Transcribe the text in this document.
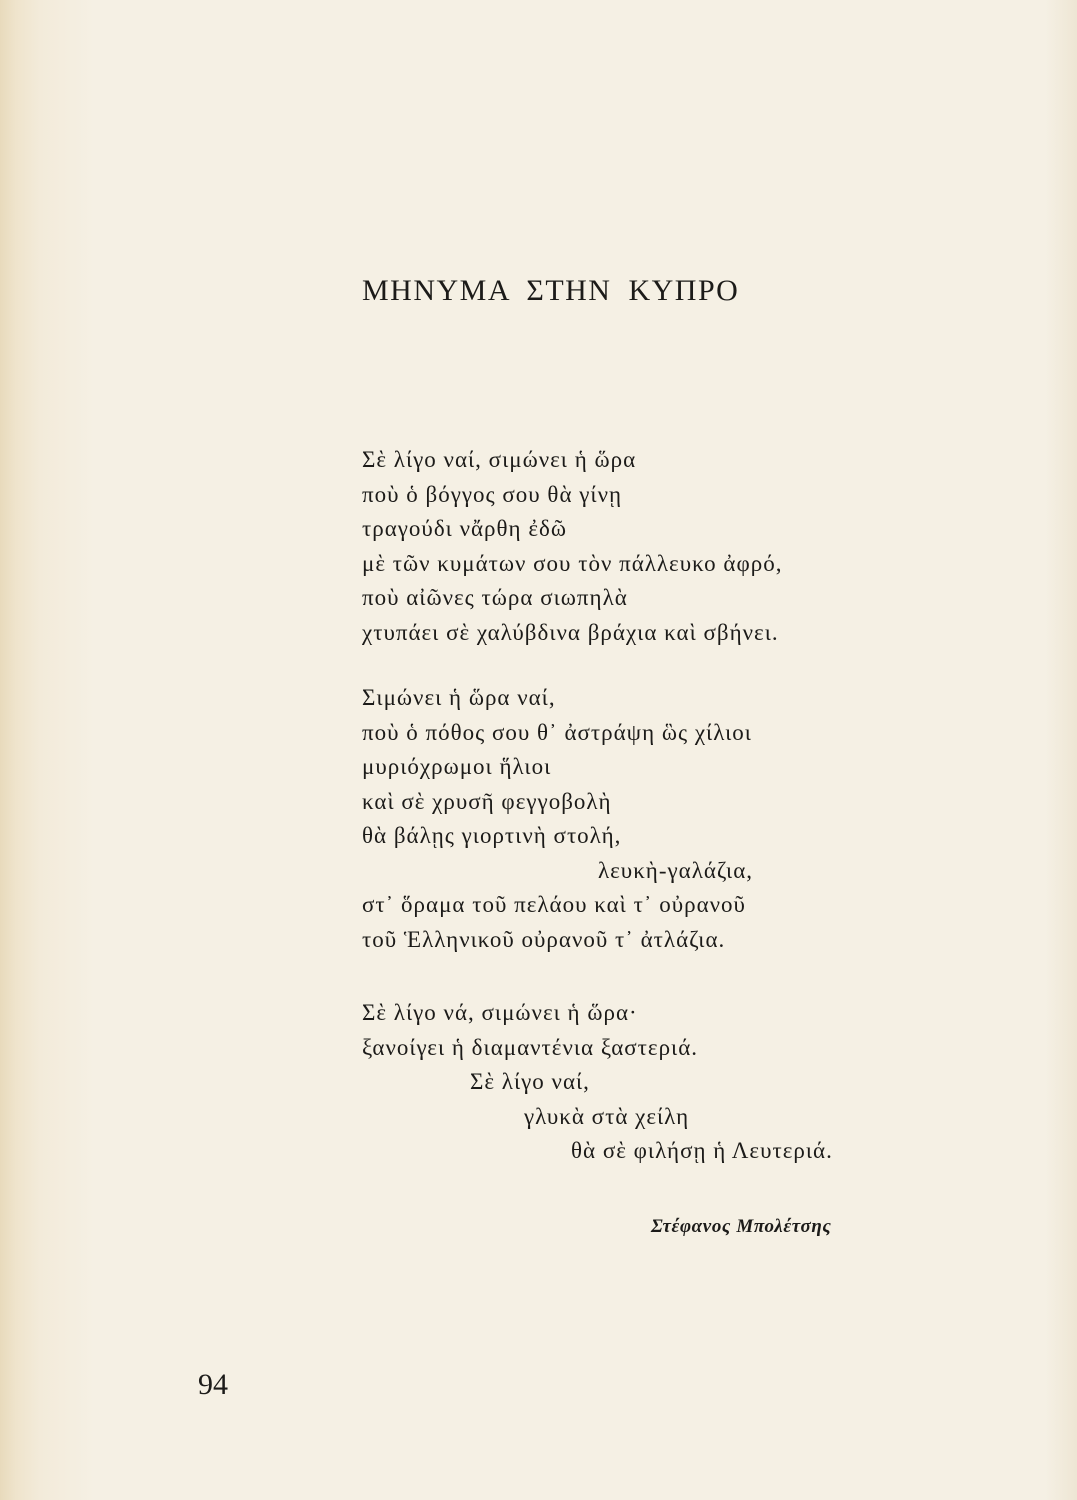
ΜΗΝΥΜΑ ΣΤΗΝ ΚΥΠΡΟ
Σὲ λίγο ναί, σιμώνει ἡ ὥρα
ποὺ ὁ βόγγος σου θὰ γίνῃ
τραγούδι νἄρθη ἐδῶ
μὲ τῶν κυμάτων σου τὸν πάλλευκο ἀφρό,
ποὺ αἰῶνες τώρα σιωπηλὰ
χτυπάει σὲ χαλύβδινα βράχια καὶ σβήνει.
Σιμώνει ἡ ὥρα ναί,
ποὺ ὁ πόθος σου θ᾽ ἀστράψη ὣς χίλιοι
μυριόχρωμοι ἥλιοι
καὶ σὲ χρυσῆ φεγγοβολὴ
θὰ βάλῃς γιορτινὴ στολή,
λευκὴ-γαλάζια,
στ᾽ ὅραμα τοῦ πελάου καὶ τ᾽ οὐρανοῦ
τοῦ Ἑλληνικοῦ οὐρανοῦ τ᾽ ἀτλάζια.
Σὲ λίγο νά, σιμώνει ἡ ὥρα·
ξανοίγει ἡ διαμαντένια ξαστεριά.
Σὲ λίγο ναί,
γλυκὰ στὰ χείλη
θὰ σὲ φιλήσῃ ἡ Λευτεριά.
Στέφανος Μπολέτσης
94
